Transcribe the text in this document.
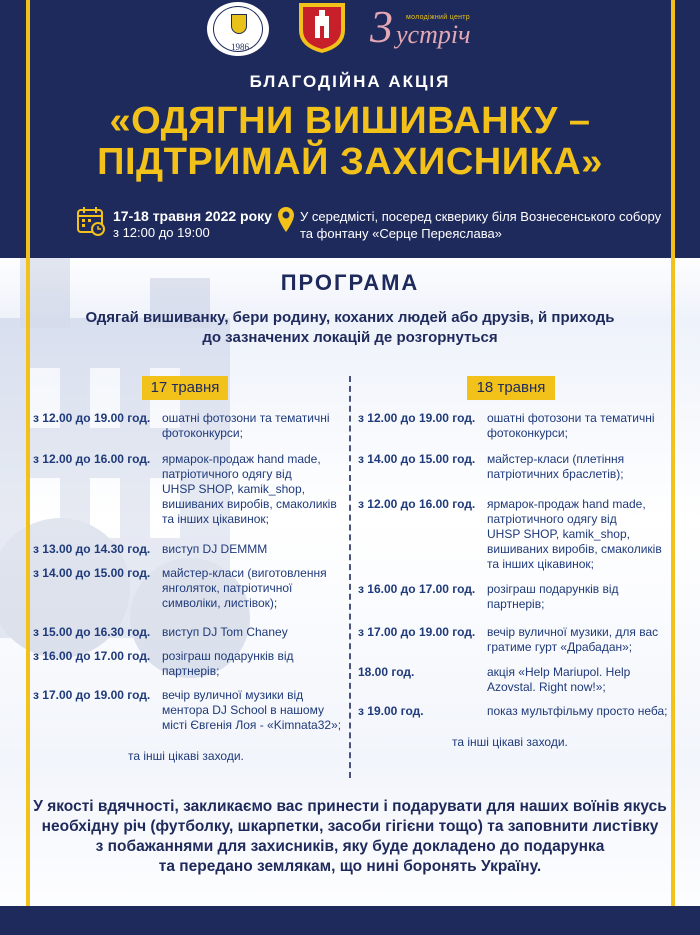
1986	3 молодіжний центр
устріч
БЛАГОДІЙНА АКЦІЯ
«ОДЯГНИ ВИШИВАНКУ –
ПІДТРИМАЙ ЗАХИСНИКА»
17-18 травня 2022 року
з 12:00 до 19:00
У середмісті, посеред скверику біля Вознесенського собору
та фонтану «Серце Переяслава»
ПРОГРАМА
Одягай вишиванку, бери родину, коханих людей або друзів, й приходь
до зазначених локацій де розгорнуться
17 травня	18 травня
з 12.00 до 19.00 год. ошатні фотозони та тематичні
фотоконкурси;
з 12.00 до 16.00 год. ярмарок-продаж hand made,
патріотичного одягу від
UHSP SHOP, kamik_shop,
вишиваних виробів, смаколиків
та інших цікавинок;
з 13.00 до 14.30 год. виступ DJ DEMMM
з 14.00 до 15.00 год. майстер-класи (виготовлення
янголяток, патріотичної
символіки, листівок);
з 15.00 до 16.30 год. виступ DJ Tom Chaney
з 16.00 до 17.00 год. розіграш подарунків від
партнерів;
з 17.00 до 19.00 год. вечір вуличної музики від
ментора DJ School в нашому
місті Євгенія Лоя - «Kimnata32»;
та інші цікаві заходи.
з 12.00 до 19.00 год. ошатні фотозони та тематичні
фотоконкурси;
з 14.00 до 15.00 год. майстер-класи (плетіння
патріотичних браслетів);
з 12.00 до 16.00 год. ярмарок-продаж hand made,
патріотичного одягу від
UHSP SHOP, kamik_shop,
вишиваних виробів, смаколиків
та інших цікавинок;
з 16.00 до 17.00 год. розіграш подарунків від
партнерів;
з 17.00 до 19.00 год. вечір вуличної музики, для вас
гратиме гурт «Драбадан»;
18.00 год.	акція «Help Mariupol. Help
Azovstal. Right now!»;
з 19.00 год.	показ мультфільму просто неба;
та інші цікаві заходи.
У якості вдячності, закликаємо вас принести і подарувати для наших воїнів якусь
необхідну річ (футболку, шкарпетки, засоби гігієни тощо) та заповнити листівку
з побажаннями для захисників, яку буде докладено до подарунка
та передано землякам, що нині боронять Україну.
